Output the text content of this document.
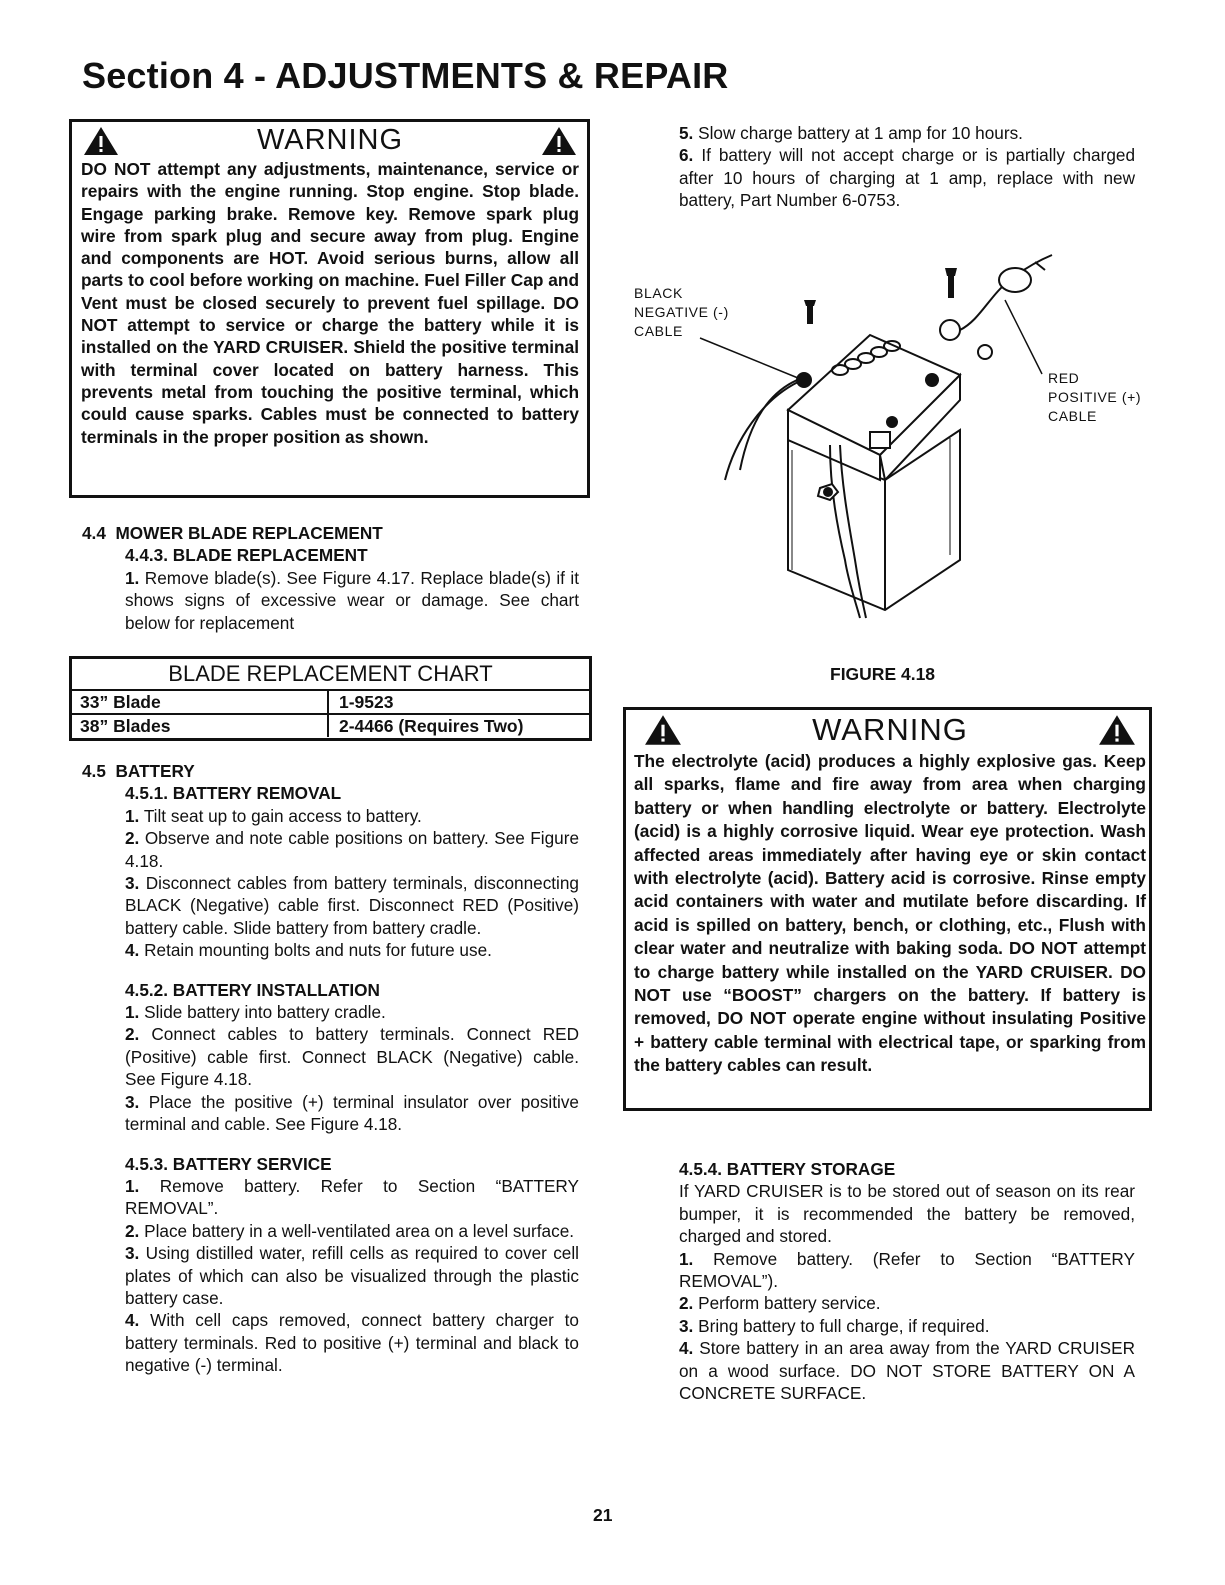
Section 4 - ADJUSTMENTS & REPAIR
WARNING
DO NOT attempt any adjustments, maintenance, service or repairs with the engine running. Stop engine. Stop blade. Engage parking brake. Remove key. Remove spark plug wire from spark plug and secure away from plug. Engine and components are HOT. Avoid serious burns, allow all parts to cool before working on machine. Fuel Filler Cap and Vent must be closed securely to prevent fuel spillage. DO NOT attempt to service or charge the battery while it is installed on the YARD CRUISER. Shield the positive terminal with terminal cover located on battery harness. This prevents metal from touching the positive terminal, which could cause sparks. Cables must be connected to battery terminals in the proper position as shown.

4.4  MOWER BLADE REPLACEMENT

4.4.3. BLADE REPLACEMENT

1. Remove blade(s). See Figure 4.17. Replace blade(s) if it shows signs of excessive wear or damage. See chart below for replacement

BLADE REPLACEMENT CHART
33” Blade	1-9523
38” Blades	2-4466 (Requires Two)

4.5  BATTERY

4.5.1. BATTERY REMOVAL

1. Tilt seat up to gain access to battery.

2. Observe and note cable positions on battery. See Figure 4.18.

3. Disconnect cables from battery terminals, disconnecting BLACK (Negative) cable first. Disconnect RED (Positive) battery cable. Slide battery from battery cradle.

4. Retain mounting bolts and nuts for future use.

4.5.2. BATTERY INSTALLATION

1. Slide battery into battery cradle.

2. Connect cables to battery terminals. Connect RED (Positive) cable first. Connect BLACK (Negative) cable. See Figure 4.18.

3. Place the positive (+) terminal insulator over positive terminal and cable. See Figure 4.18.

4.5.3. BATTERY SERVICE

1. Remove battery. Refer to Section “BATTERY REMOVAL”.

2. Place battery in a well-ventilated area on a level surface.

3. Using distilled water, refill cells as required to cover cell plates of which can also be visualized through the plastic battery case.

4. With cell caps removed, connect battery charger to battery terminals. Red to positive (+) terminal and black to negative (-) terminal.

5. Slow charge battery at 1 amp for 10 hours.

6. If battery will not accept charge or is partially charged after 10 hours of charging at 1 amp, replace with new battery, Part Number 6-0753.

BLACK
NEGATIVE (-)
CABLE
RED
POSITIVE (+)
CABLE
FIGURE 4.18
WARNING
The electrolyte (acid) produces a highly explosive gas. Keep all sparks, flame and fire away from area when charging battery or when handling electrolyte or battery. Electrolyte (acid) is a highly corrosive liquid. Wear eye protection. Wash affected areas immediately after having eye or skin contact with electrolyte (acid). Battery acid is corrosive. Rinse empty acid containers with water and mutilate before discarding. If acid is spilled on battery, bench, or clothing, etc., Flush with clear water and neutralize with baking soda. DO NOT attempt to charge battery while installed on the YARD CRUISER. DO NOT use “BOOST” chargers on the battery. If battery is removed, DO NOT operate engine without insulating Positive + battery cable terminal with electrical tape, or sparking from the battery cables can result.

4.5.4. BATTERY STORAGE

If YARD CRUISER is to be stored out of season on its rear bumper, it is recommended the battery be removed, charged and stored.

1. Remove battery. (Refer to Section “BATTERY REMOVAL”).

2. Perform battery service.

3. Bring battery to full charge, if required.

4. Store battery in an area away from the YARD CRUISER on a wood surface. DO NOT STORE BATTERY ON A CONCRETE SURFACE.

21
